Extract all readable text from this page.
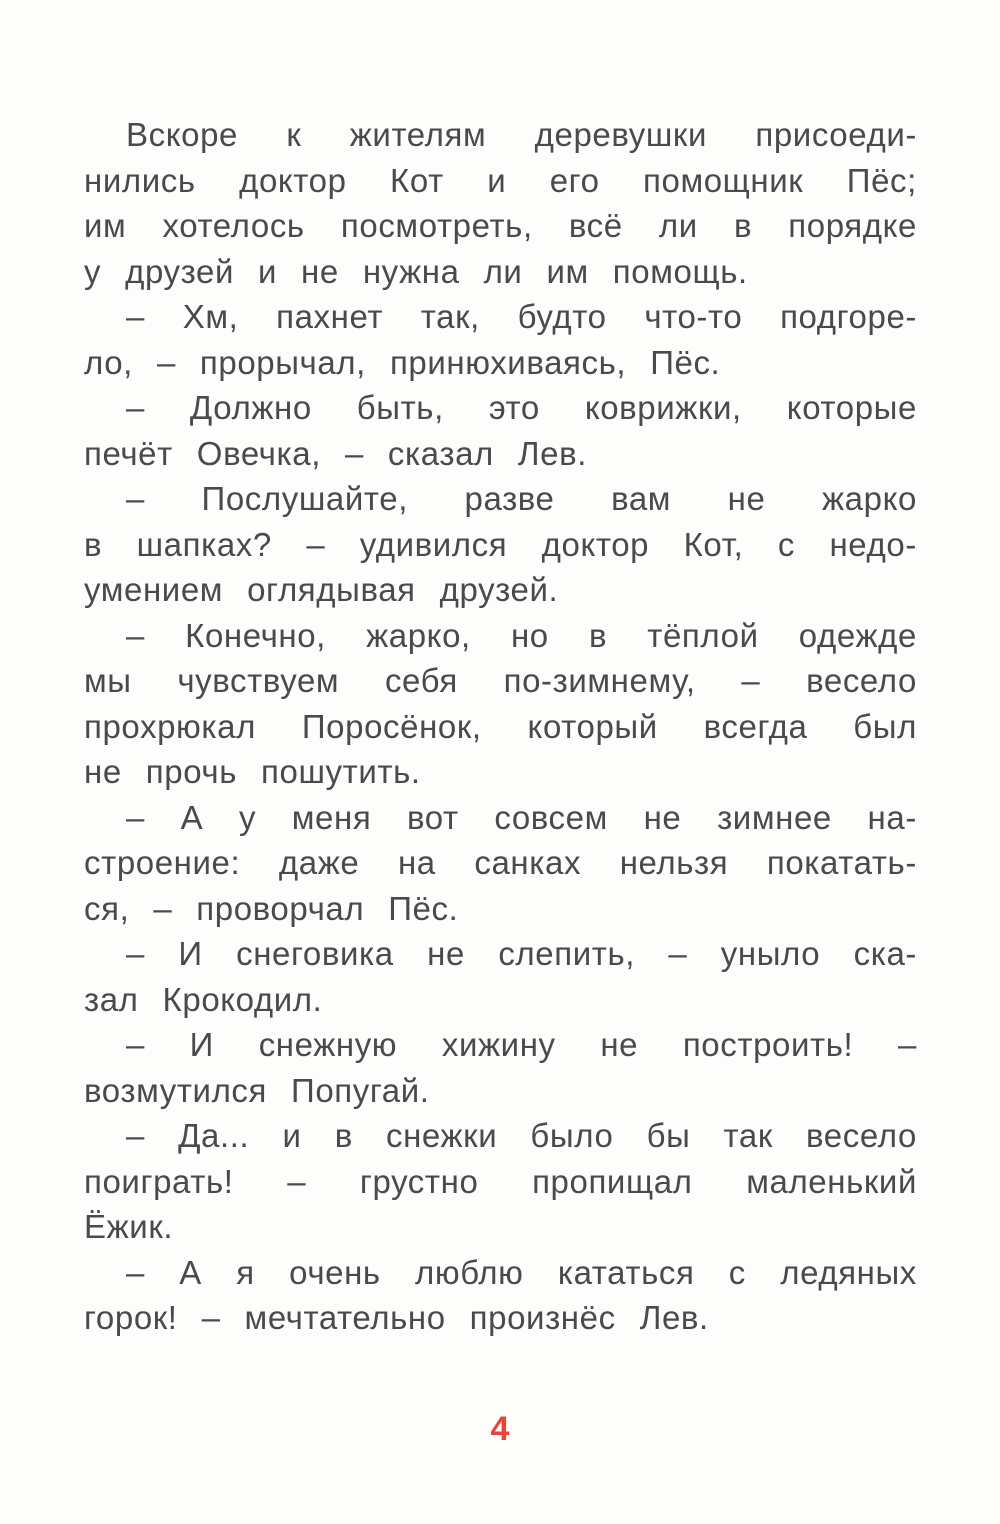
Вскоре к жителям деревушки присоеди-
нились доктор Кот и его помощник Пёс;
им хотелось посмотреть, всё ли в порядке
у друзей и не нужна ли им помощь.
– Хм, пахнет так, будто что-то подгоре-
ло, – прорычал, принюхиваясь, Пёс.
– Должно быть, это коврижки, которые
печёт Овечка, – сказал Лев.
– Послушайте, разве вам не жарко
в шапках? – удивился доктор Кот, с недо-
умением оглядывая друзей.
– Конечно, жарко, но в тёплой одежде
мы чувствуем себя по-зимнему, – весело
прохрюкал Поросёнок, который всегда был
не прочь пошутить.
– А у меня вот совсем не зимнее на-
строение: даже на санках нельзя покатать-
ся, – проворчал Пёс.
– И снеговика не слепить, – уныло ска-
зал Крокодил.
– И снежную хижину не построить! –
возмутился Попугай.
– Да... и в снежки было бы так весело
поиграть! – грустно пропищал маленький
Ёжик.
– А я очень люблю кататься с ледяных
горок! – мечтательно произнёс Лев.
4
